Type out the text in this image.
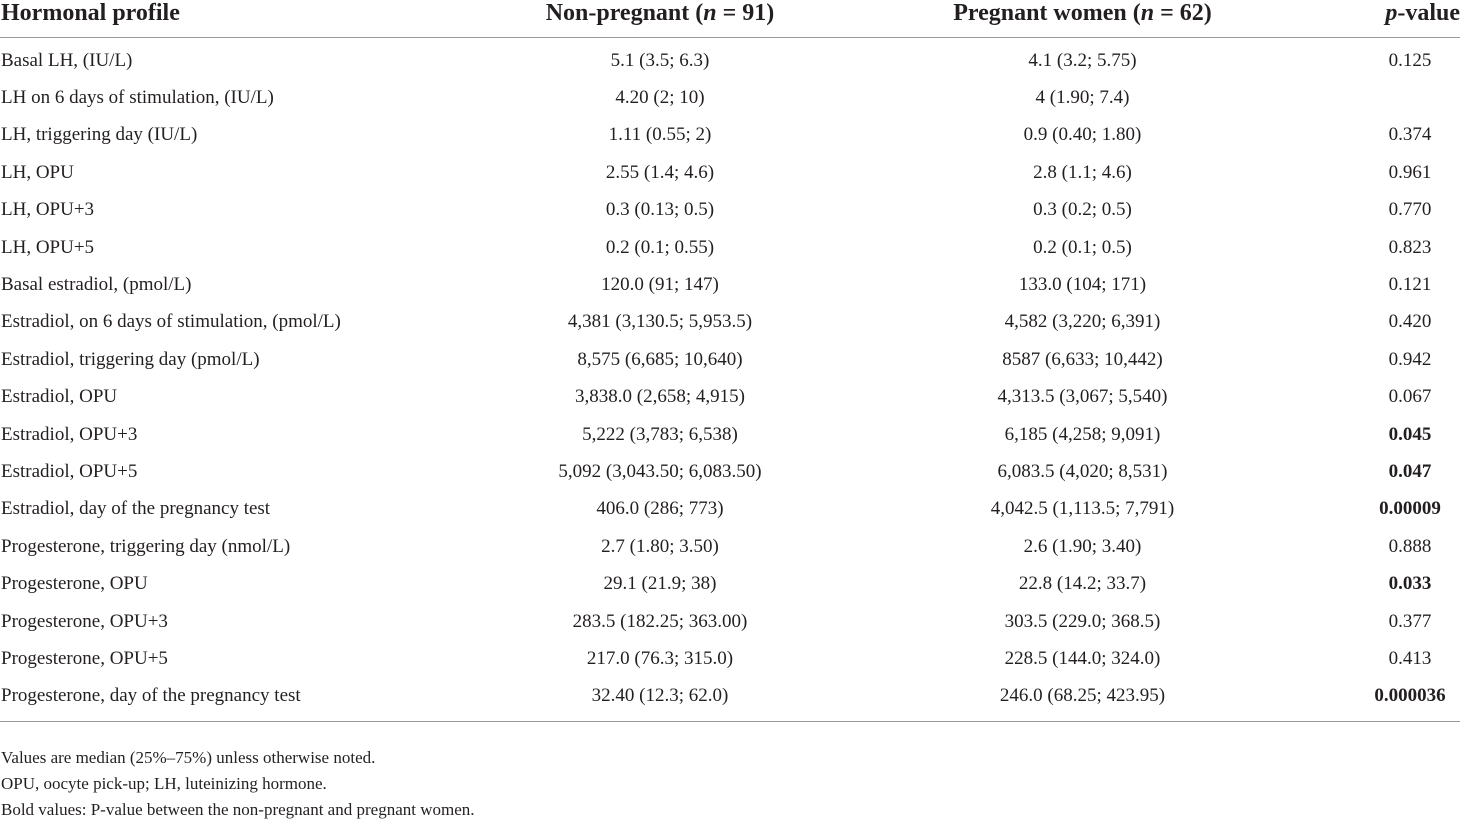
Hormonal profile	Non-pregnant (n = 91)	Pregnant women (n = 62)	p-value
Basal LH, (IU/L)	5.1 (3.5; 6.3)	4.1 (3.2; 5.75)	0.125
LH on 6 days of stimulation, (IU/L)	4.20 (2; 10)	4 (1.90; 7.4)	
LH, triggering day (IU/L)	1.11 (0.55; 2)	0.9 (0.40; 1.80)	0.374
LH, OPU	2.55 (1.4; 4.6)	2.8 (1.1; 4.6)	0.961
LH, OPU+3	0.3 (0.13; 0.5)	0.3 (0.2; 0.5)	0.770
LH, OPU+5	0.2 (0.1; 0.55)	0.2 (0.1; 0.5)	0.823
Basal estradiol, (pmol/L)	120.0 (91; 147)	133.0 (104; 171)	0.121
Estradiol, on 6 days of stimulation, (pmol/L)	4,381 (3,130.5; 5,953.5)	4,582 (3,220; 6,391)	0.420
Estradiol, triggering day (pmol/L)	8,575 (6,685; 10,640)	8587 (6,633; 10,442)	0.942
Estradiol, OPU	3,838.0 (2,658; 4,915)	4,313.5 (3,067; 5,540)	0.067
Estradiol, OPU+3	5,222 (3,783; 6,538)	6,185 (4,258; 9,091)	0.045
Estradiol, OPU+5	5,092 (3,043.50; 6,083.50)	6,083.5 (4,020; 8,531)	0.047
Estradiol, day of the pregnancy test	406.0 (286; 773)	4,042.5 (1,113.5; 7,791)	0.00009
Progesterone, triggering day (nmol/L)	2.7 (1.80; 3.50)	2.6 (1.90; 3.40)	0.888
Progesterone, OPU	29.1 (21.9; 38)	22.8 (14.2; 33.7)	0.033
Progesterone, OPU+3	283.5 (182.25; 363.00)	303.5 (229.0; 368.5)	0.377
Progesterone, OPU+5	217.0 (76.3; 315.0)	228.5 (144.0; 324.0)	0.413
Progesterone, day of the pregnancy test	32.40 (12.3; 62.0)	246.0 (68.25; 423.95)	0.000036
Values are median (25%–75%) unless otherwise noted.
OPU, oocyte pick-up; LH, luteinizing hormone.
Bold values: P-value between the non-pregnant and pregnant women.
